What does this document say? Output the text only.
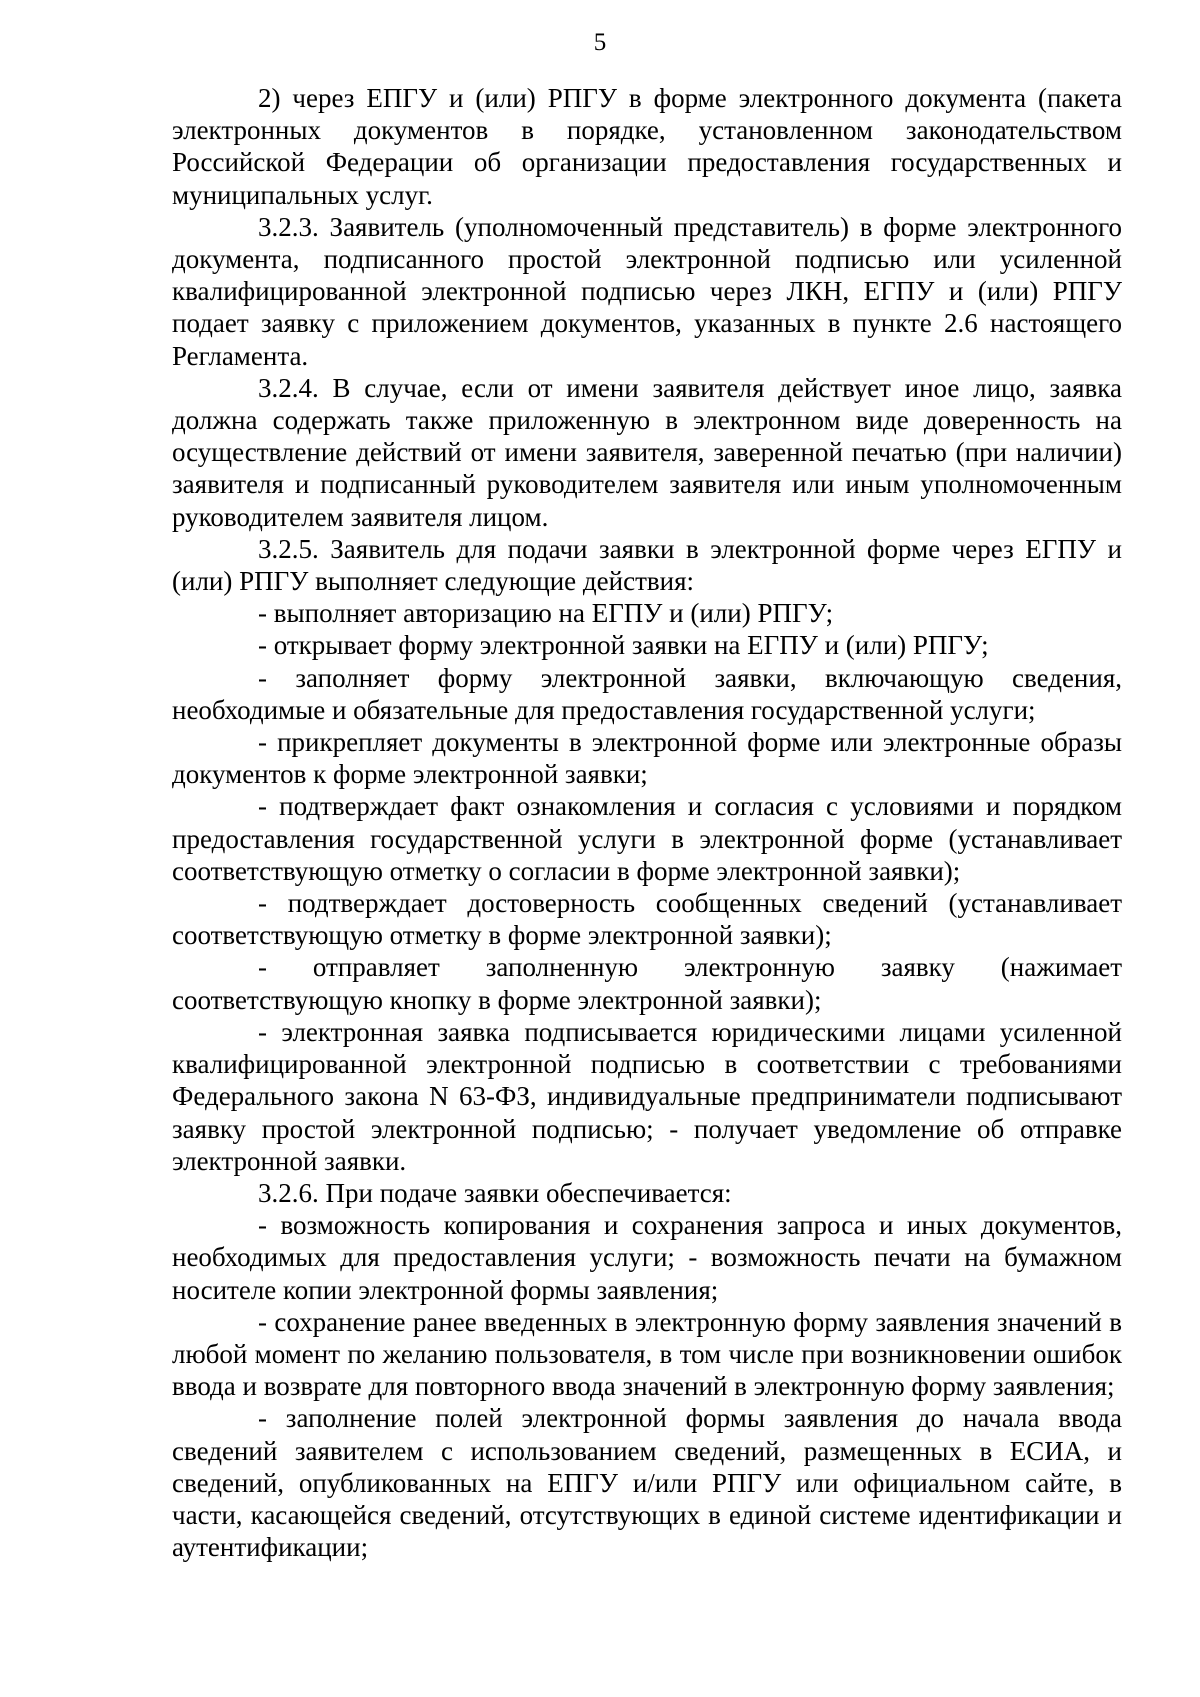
5

2) через ЕПГУ и (или) РПГУ в форме электронного документа (пакета электронных документов в порядке, установленном законодательством Российской Федерации об организации предоставления государственных и муниципальных услуг.

3.2.3. Заявитель (уполномоченный представитель) в форме электронного документа, подписанного простой электронной подписью или усиленной квалифицированной электронной подписью через ЛКН, ЕГПУ и (или) РПГУ подает заявку с приложением документов, указанных в пункте 2.6 настоящего Регламента.

3.2.4. В случае, если от имени заявителя действует иное лицо, заявка должна содержать также приложенную в электронном виде доверенность на осуществление действий от имени заявителя, заверенной печатью (при наличии) заявителя и подписанный руководителем заявителя или иным уполномоченным руководителем заявителя лицом.

3.2.5. Заявитель для подачи заявки в электронной форме через ЕГПУ и (или) РПГУ выполняет следующие действия:

- выполняет авторизацию на ЕГПУ и (или) РПГУ;

- открывает форму электронной заявки на ЕГПУ и (или) РПГУ;

- заполняет форму электронной заявки, включающую сведения, необходимые и обязательные для предоставления государственной услуги;

- прикрепляет документы в электронной форме или электронные образы документов к форме электронной заявки;

- подтверждает факт ознакомления и согласия с условиями и порядком предоставления государственной услуги в электронной форме (устанавливает соответствующую отметку о согласии в форме электронной заявки);

- подтверждает достоверность сообщенных сведений (устанавливает соответствующую отметку в форме электронной заявки);

- отправляет заполненную электронную заявку (нажимает соответствующую кнопку в форме электронной заявки);

- электронная заявка подписывается юридическими лицами усиленной квалифицированной электронной подписью в соответствии с требованиями Федерального закона N 63-ФЗ, индивидуальные предприниматели подписывают заявку простой электронной подписью; - получает уведомление об отправке электронной заявки.

3.2.6. При подаче заявки обеспечивается:

- возможность копирования и сохранения запроса и иных документов, необходимых для предоставления услуги; - возможность печати на бумажном носителе копии электронной формы заявления;

- сохранение ранее введенных в электронную форму заявления значений в любой момент по желанию пользователя, в том числе при возникновении ошибок ввода и возврате для повторного ввода значений в электронную форму заявления;

- заполнение полей электронной формы заявления до начала ввода сведений заявителем с использованием сведений, размещенных в ЕСИА, и сведений, опубликованных на ЕПГУ и/или РПГУ или официальном сайте, в части, касающейся сведений, отсутствующих в единой системе идентификации и аутентификации;
